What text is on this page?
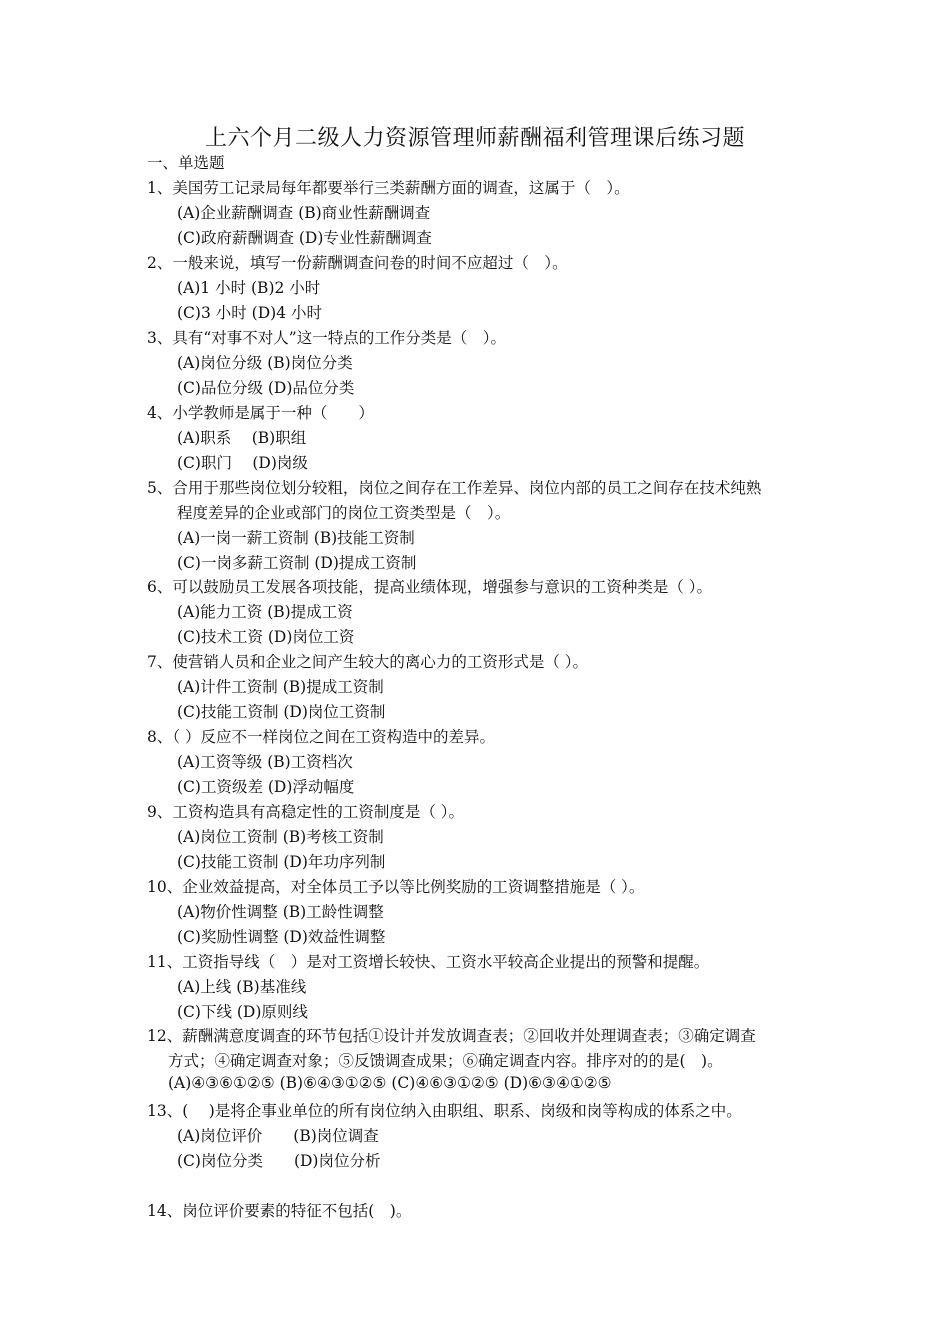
上六个月二级人力资源管理师薪酬福利管理课后练习题
一、单选题
1、美国劳工记录局每年都要举行三类薪酬方面的调查，这属于（　）。
(A)企业薪酬调查 (B)商业性薪酬调查
(C)政府薪酬调查 (D)专业性薪酬调查
2、一般来说，填写一份薪酬调查问卷的时间不应超过（　）。
(A)1 小时 (B)2 小时
(C)3 小时 (D)4 小时
3、具有“对事不对人”这一特点的工作分类是（　）。
(A)岗位分级 (B)岗位分类
(C)品位分级 (D)品位分类
4、小学教师是属于一种（　　）
(A)职系　 (B)职组
(C)职门　 (D)岗级
5、合用于那些岗位划分较粗，岗位之间存在工作差异、岗位内部的员工之间存在技术纯熟
程度差异的企业或部门的岗位工资类型是（　）。
(A)一岗一薪工资制 (B)技能工资制
(C)一岗多薪工资制 (D)提成工资制
6、可以鼓励员工发展各项技能，提高业绩体现，增强参与意识的工资种类是（ ）。
(A)能力工资 (B)提成工资
(C)技术工资 (D)岗位工资
7、使营销人员和企业之间产生较大的离心力的工资形式是（ ）。
(A)计件工资制 (B)提成工资制
(C)技能工资制 (D)岗位工资制
8、（ ）反应不一样岗位之间在工资构造中的差异。
(A)工资等级 (B)工资档次
(C)工资级差 (D)浮动幅度
9、工资构造具有高稳定性的工资制度是（ ）。
(A)岗位工资制 (B)考核工资制
(C)技能工资制 (D)年功序列制
10、企业效益提高，对全体员工予以等比例奖励的工资调整措施是（ ）。
(A)物价性调整 (B)工龄性调整
(C)奖励性调整 (D)效益性调整
11、工资指导线（　）是对工资增长较快、工资水平较高企业提出的预警和提醒。
(A)上线 (B)基准线
(C)下线 (D)原则线
12、薪酬满意度调查的环节包括①设计并发放调查表；②回收并处理调查表；③确定调查
方式；④确定调查对象；⑤反馈调查成果；⑥确定调查内容。排序对的的是(　)。
(A)④③⑥①②⑤ (B)⑥④③①②⑤ (C)④⑥③①②⑤ (D)⑥③④①②⑤
13、(　 )是将企事业单位的所有岗位纳入由职组、职系、岗级和岗等构成的体系之中。
(A)岗位评价　　(B)岗位调查
(C)岗位分类　　(D)岗位分析
14、岗位评价要素的特征不包括(　)。
